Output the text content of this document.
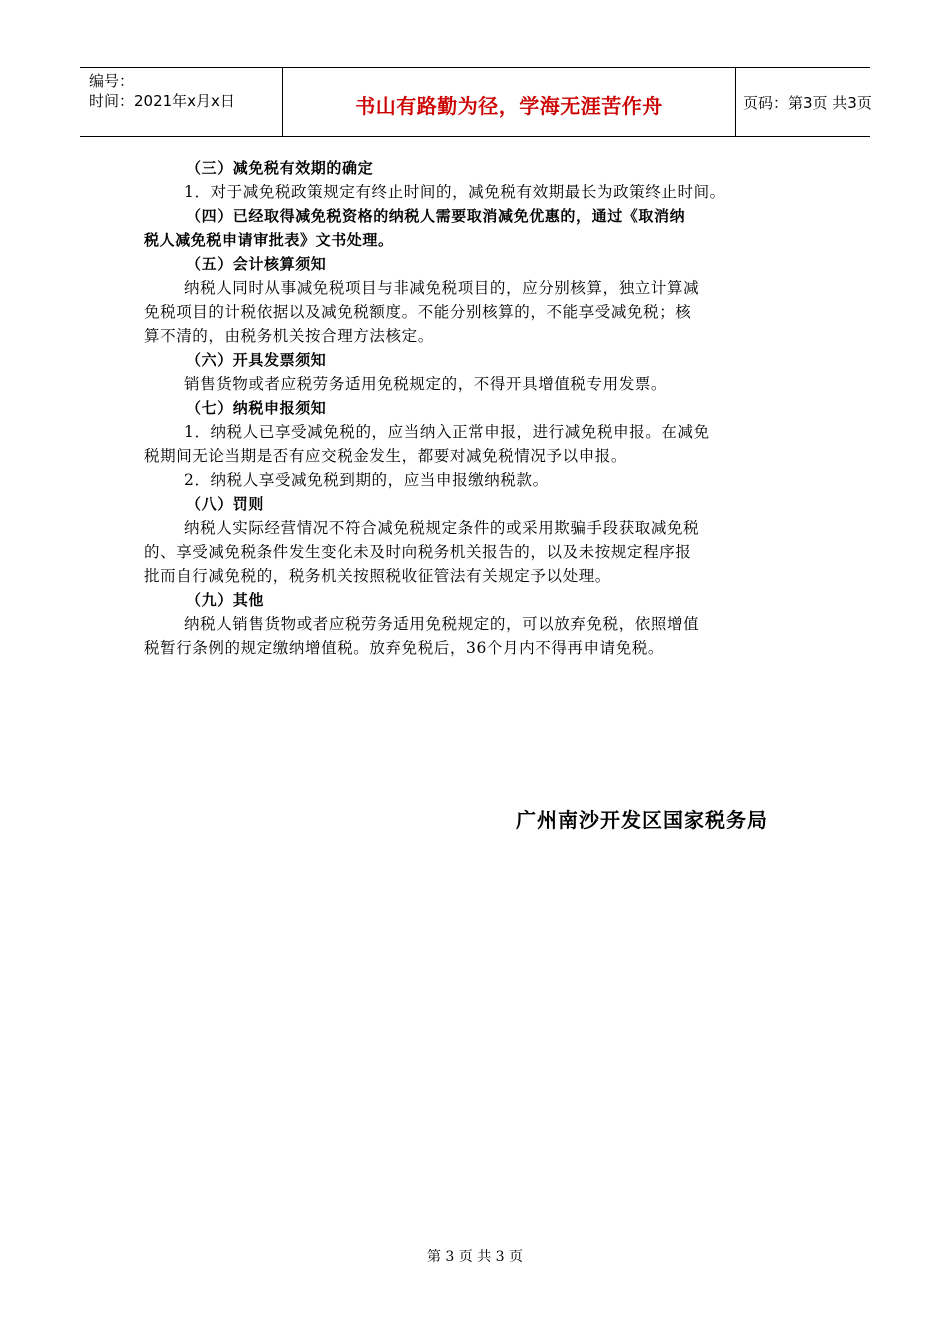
编号：
时间：2021年x月x日	书山有路勤为径，学海无涯苦作舟	页码：第3页 共3页
（三）减免税有效期的确定
1．对于减免税政策规定有终止时间的，减免税有效期最长为政策终止时间。
（四）已经取得减免税资格的纳税人需要取消减免优惠的，通过《取消纳
税人减免税申请审批表》文书处理。
（五）会计核算须知
纳税人同时从事减免税项目与非减免税项目的，应分别核算，独立计算减
免税项目的计税依据以及减免税额度。不能分别核算的，不能享受减免税；核
算不清的，由税务机关按合理方法核定。
（六）开具发票须知
销售货物或者应税劳务适用免税规定的，不得开具增值税专用发票。
（七）纳税申报须知
1．纳税人已享受减免税的，应当纳入正常申报，进行减免税申报。在减免
税期间无论当期是否有应交税金发生，都要对减免税情况予以申报。
2．纳税人享受减免税到期的，应当申报缴纳税款。
（八）罚则
纳税人实际经营情况不符合减免税规定条件的或采用欺骗手段获取减免税
的、享受减免税条件发生变化未及时向税务机关报告的，以及未按规定程序报
批而自行减免税的，税务机关按照税收征管法有关规定予以处理。
（九）其他
纳税人销售货物或者应税劳务适用免税规定的，可以放弃免税，依照增值
税暂行条例的规定缴纳增值税。放弃免税后，36个月内不得再申请免税。
广州南沙开发区国家税务局
第 3 页 共 3 页
